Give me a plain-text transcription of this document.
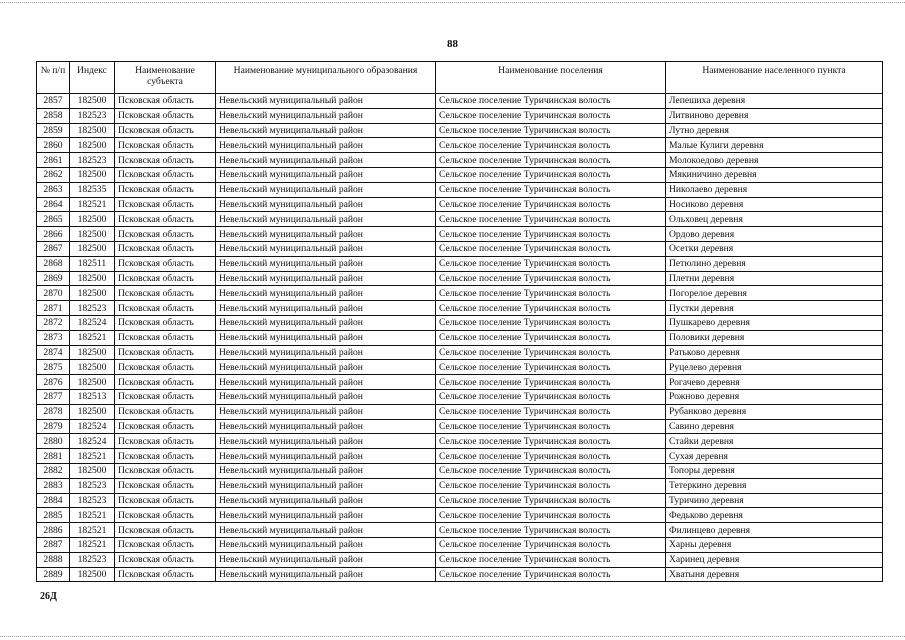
88
№ п/п	Индекс	Наименование субъекта	Наименование муниципального образования	Наименование поселения	Наименование населенного пункта
2857	182500	Псковская область	Невельский муниципальный район	Сельское поселение Туричинская волость	Лепешиха деревня
2858	182523	Псковская область	Невельский муниципальный район	Сельское поселение Туричинская волость	Литвиново деревня
2859	182500	Псковская область	Невельский муниципальный район	Сельское поселение Туричинская волость	Лутно деревня
2860	182500	Псковская область	Невельский муниципальный район	Сельское поселение Туричинская волость	Малые Кулиги деревня
2861	182523	Псковская область	Невельский муниципальный район	Сельское поселение Туричинская волость	Молокоедово деревня
2862	182500	Псковская область	Невельский муниципальный район	Сельское поселение Туричинская волость	Мякиничино деревня
2863	182535	Псковская область	Невельский муниципальный район	Сельское поселение Туричинская волость	Николаево деревня
2864	182521	Псковская область	Невельский муниципальный район	Сельское поселение Туричинская волость	Носиково деревня
2865	182500	Псковская область	Невельский муниципальный район	Сельское поселение Туричинская волость	Ольховец деревня
2866	182500	Псковская область	Невельский муниципальный район	Сельское поселение Туричинская волость	Ордово деревня
2867	182500	Псковская область	Невельский муниципальный район	Сельское поселение Туричинская волость	Осетки деревня
2868	182511	Псковская область	Невельский муниципальный район	Сельское поселение Туричинская волость	Петюлино деревня
2869	182500	Псковская область	Невельский муниципальный район	Сельское поселение Туричинская волость	Плетни деревня
2870	182500	Псковская область	Невельский муниципальный район	Сельское поселение Туричинская волость	Погорелое деревня
2871	182523	Псковская область	Невельский муниципальный район	Сельское поселение Туричинская волость	Пустки деревня
2872	182524	Псковская область	Невельский муниципальный район	Сельское поселение Туричинская волость	Пушкарево деревня
2873	182521	Псковская область	Невельский муниципальный район	Сельское поселение Туричинская волость	Половики деревня
2874	182500	Псковская область	Невельский муниципальный район	Сельское поселение Туричинская волость	Ратьково деревня
2875	182500	Псковская область	Невельский муниципальный район	Сельское поселение Туричинская волость	Руцелево деревня
2876	182500	Псковская область	Невельский муниципальный район	Сельское поселение Туричинская волость	Рогачево деревня
2877	182513	Псковская область	Невельский муниципальный район	Сельское поселение Туричинская волость	Рожново деревня
2878	182500	Псковская область	Невельский муниципальный район	Сельское поселение Туричинская волость	Рубанково деревня
2879	182524	Псковская область	Невельский муниципальный район	Сельское поселение Туричинская волость	Савино деревня
2880	182524	Псковская область	Невельский муниципальный район	Сельское поселение Туричинская волость	Стайки деревня
2881	182521	Псковская область	Невельский муниципальный район	Сельское поселение Туричинская волость	Сухая деревня
2882	182500	Псковская область	Невельский муниципальный район	Сельское поселение Туричинская волость	Топоры деревня
2883	182523	Псковская область	Невельский муниципальный район	Сельское поселение Туричинская волость	Тетеркино деревня
2884	182523	Псковская область	Невельский муниципальный район	Сельское поселение Туричинская волость	Туричино деревня
2885	182521	Псковская область	Невельский муниципальный район	Сельское поселение Туричинская волость	Федьково деревня
2886	182521	Псковская область	Невельский муниципальный район	Сельское поселение Туричинская волость	Филинцево деревня
2887	182521	Псковская область	Невельский муниципальный район	Сельское поселение Туричинская волость	Харны деревня
2888	182523	Псковская область	Невельский муниципальный район	Сельское поселение Туричинская волость	Харинец деревня
2889	182500	Псковская область	Невельский муниципальный район	Сельское поселение Туричинская волость	Хватыня деревня
26Д
